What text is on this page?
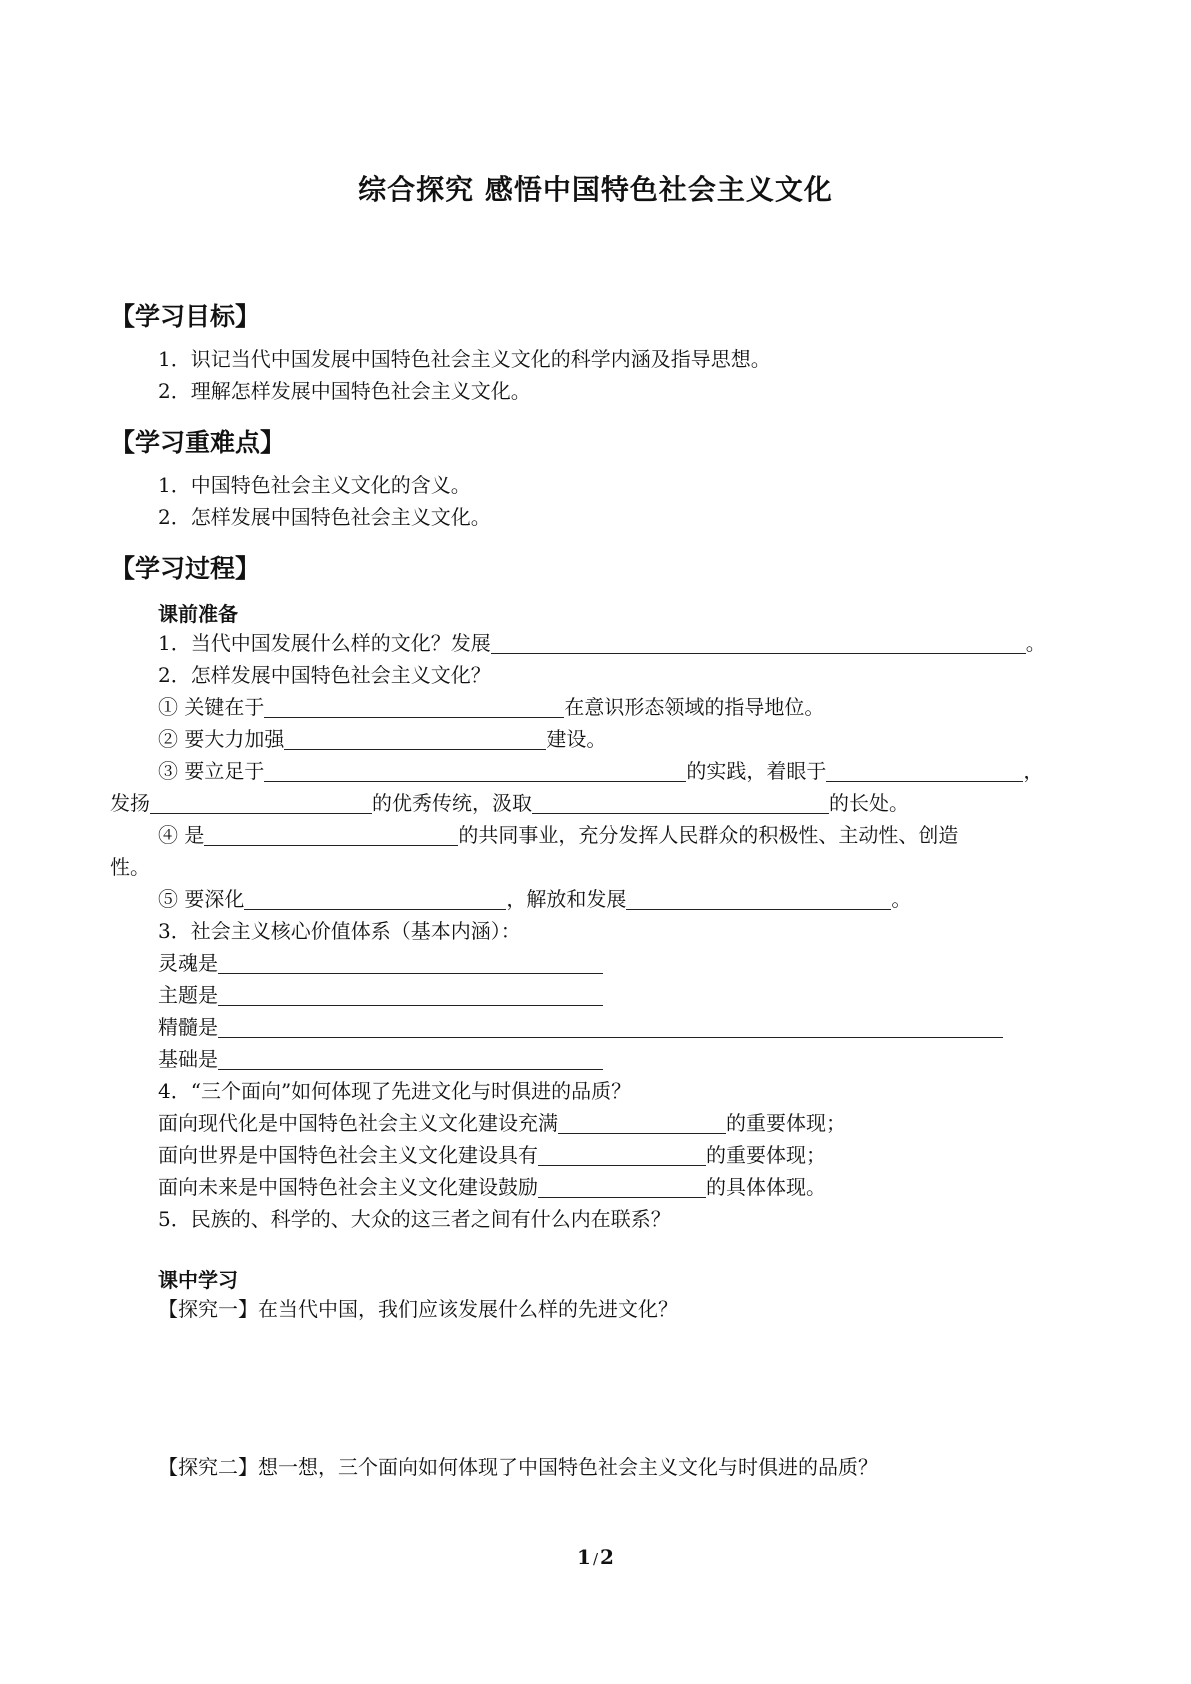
综合探究 感悟中国特色社会主义文化
【学习目标】
1．识记当代中国发展中国特色社会主义文化的科学内涵及指导思想。
2．理解怎样发展中国特色社会主义文化。
【学习重难点】
1．中国特色社会主义文化的含义。
2．怎样发展中国特色社会主义文化。
【学习过程】
课前准备
1．当代中国发展什么样的文化？发展	。
2．怎样发展中国特色社会主义文化？
① 关键在于	在意识形态领域的指导地位。
② 要大力加强	建设。
③ 要立足于	的实践，着眼于	，
发扬	的优秀传统，汲取	的长处。
④ 是	的共同事业，充分发挥人民群众的积极性、主动性、创造
性。
⑤ 要深化	，解放和发展	。
3．社会主义核心价值体系（基本内涵）：
灵魂是
主题是
精髓是
基础是
4．“三个面向”如何体现了先进文化与时俱进的品质？
面向现代化是中国特色社会主义文化建设充满	的重要体现；
面向世界是中国特色社会主义文化建设具有	的重要体现；
面向未来是中国特色社会主义文化建设鼓励	的具体体现。
5．民族的、科学的、大众的这三者之间有什么内在联系？
课中学习
【探究一】在当代中国，我们应该发展什么样的先进文化？
【探究二】想一想，三个面向如何体现了中国特色社会主义文化与时俱进的品质？
1 / 2
